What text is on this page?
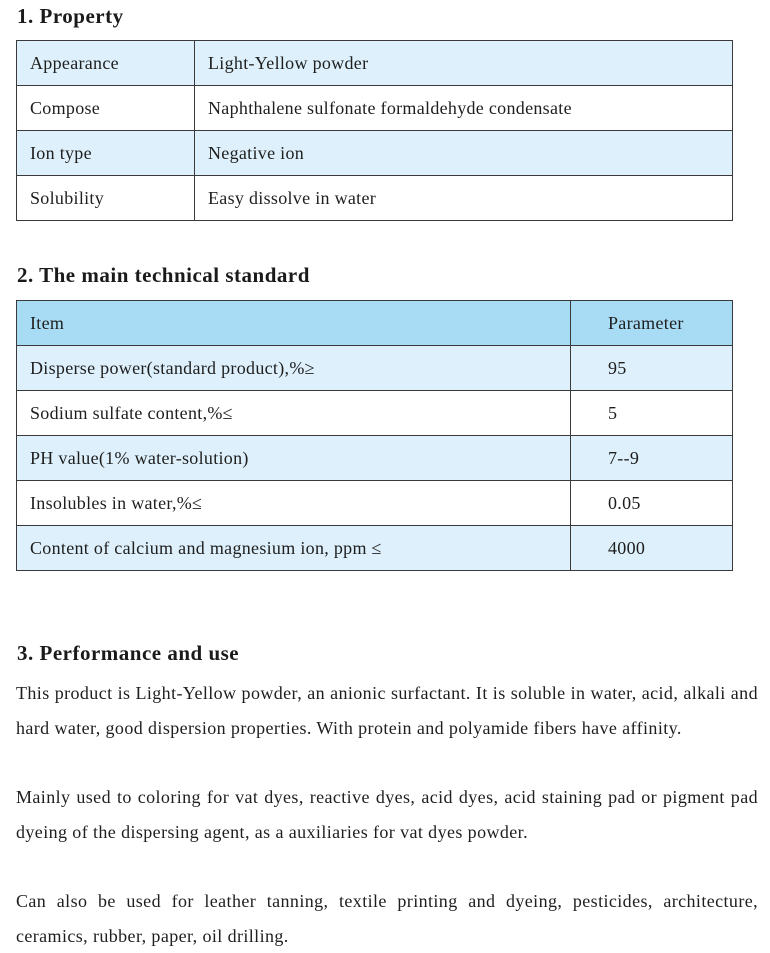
1. Property
Appearance	Light-Yellow powder
Compose	Naphthalene sulfonate formaldehyde condensate
Ion type	Negative ion
Solubility	Easy dissolve in water
2. The main technical standard
Item	Parameter
Disperse power(standard product),%≥	95
Sodium sulfate content,%≤	5
PH value(1% water-solution)	7--9
Insolubles in water,%≤	0.05
Content of calcium and magnesium ion, ppm ≤	4000
3. Performance and use

This product is Light-Yellow powder, an anionic surfactant. It is soluble in water, acid, alkali and hard water, good dispersion properties. With protein and polyamide fibers have affinity.

Mainly used to coloring for vat dyes, reactive dyes, acid dyes, acid staining pad or pigment pad dyeing of the dispersing agent, as a auxiliaries for vat dyes powder.

Can also be used for leather tanning, textile printing and dyeing, pesticides, architecture, ceramics, rubber, paper, oil drilling.
